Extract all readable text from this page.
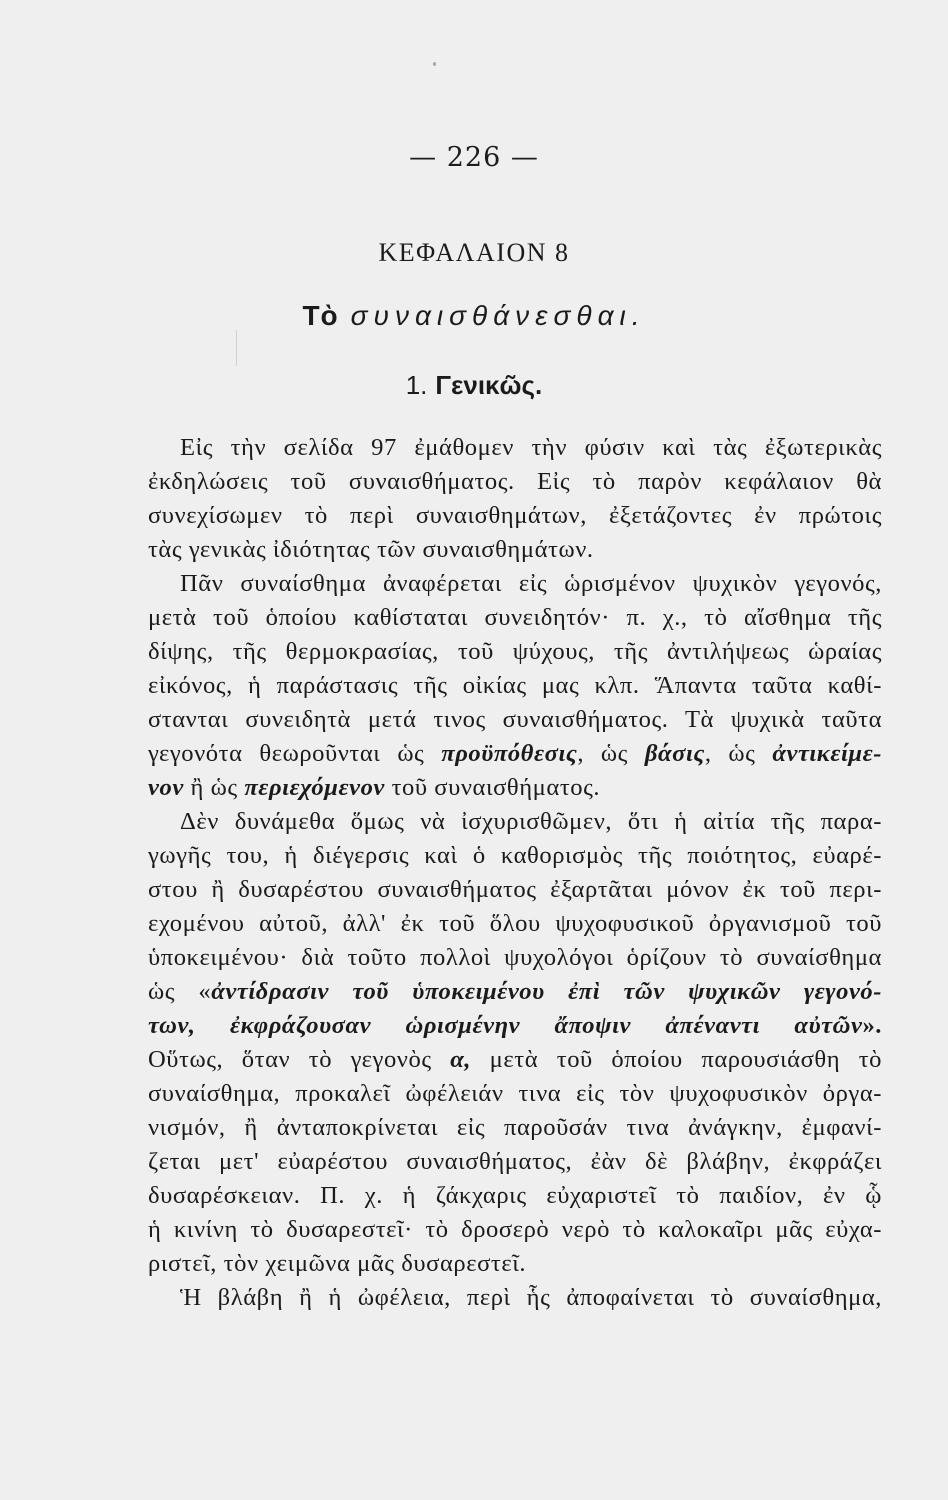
— 226 —
ΚΕΦΑΛΑΙΟΝ 8
Τὸ συναισθάνεσθαι.
1. Γενικῶς.
Εἰς τὴν σελίδα 97 ἐμάθομεν τὴν φύσιν καὶ τὰς ἐξωτερικὰς
ἐκδηλώσεις τοῦ συναισθήματος. Εἰς τὸ παρὸν κεφάλαιον θὰ
συνεχίσωμεν τὸ περὶ συναισθημάτων, ἐξετάζοντες ἐν πρώτοις
τὰς γενικὰς ἰδιότητας τῶν συναισθημάτων.
Πᾶν συναίσθημα ἀναφέρεται εἰς ὡρισμένον ψυχικὸν γεγονός,
μετὰ τοῦ ὁποίου καθίσταται συνειδητόν· π. χ., τὸ αἴσθημα τῆς
δίψης, τῆς θερμοκρασίας, τοῦ ψύχους, τῆς ἀντιλήψεως ὡραίας
εἰκόνος, ἡ παράστασις τῆς οἰκίας μας κλπ. Ἅπαντα ταῦτα καθί-
στανται συνειδητὰ μετά τινος συναισθήματος. Τὰ ψυχικὰ ταῦτα
γεγονότα θεωροῦνται ὡς προϋπόθεσις, ὡς βάσις, ὡς ἀντικείμε-
νον ἢ ὡς περιεχόμενον τοῦ συναισθήματος.
Δὲν δυνάμεθα ὅμως νὰ ἰσχυρισθῶμεν, ὅτι ἡ αἰτία τῆς παρα-
γωγῆς του, ἡ διέγερσις καὶ ὁ καθορισμὸς τῆς ποιότητος, εὐαρέ-
στου ἢ δυσαρέστου συναισθήματος ἐξαρτᾶται μόνον ἐκ τοῦ περι-
εχομένου αὐτοῦ, ἀλλ' ἐκ τοῦ ὅλου ψυχοφυσικοῦ ὀργανισμοῦ τοῦ
ὑποκειμένου· διὰ τοῦτο πολλοὶ ψυχολόγοι ὁρίζουν τὸ συναίσθημα
ὡς «ἀντίδρασιν τοῦ ὑποκειμένου ἐπὶ τῶν ψυχικῶν γεγονό-
των, ἐκφράζουσαν ὡρισμένην ἄποψιν ἀπέναντι αὐτῶν».
Οὕτως, ὅταν τὸ γεγονὸς α, μετὰ τοῦ ὁποίου παρουσιάσθη τὸ
συναίσθημα, προκαλεῖ ὠφέλειάν τινα εἰς τὸν ψυχοφυσικὸν ὀργα-
νισμόν, ἢ ἀνταποκρίνεται εἰς παροῦσάν τινα ἀνάγκην, ἐμφανί-
ζεται μετ' εὐαρέστου συναισθήματος, ἐὰν δὲ βλάβην, ἐκφράζει
δυσαρέσκειαν. Π. χ. ἡ ζάκχαρις εὐχαριστεῖ τὸ παιδίον, ἐν ᾧ
ἡ κινίνη τὸ δυσαρεστεῖ· τὸ δροσερὸ νερὸ τὸ καλοκαῖρι μᾶς εὐχα-
ριστεῖ, τὸν χειμῶνα μᾶς δυσαρεστεῖ.
Ἡ βλάβη ἢ ἡ ὠφέλεια, περὶ ἧς ἀποφαίνεται τὸ συναίσθημα,
